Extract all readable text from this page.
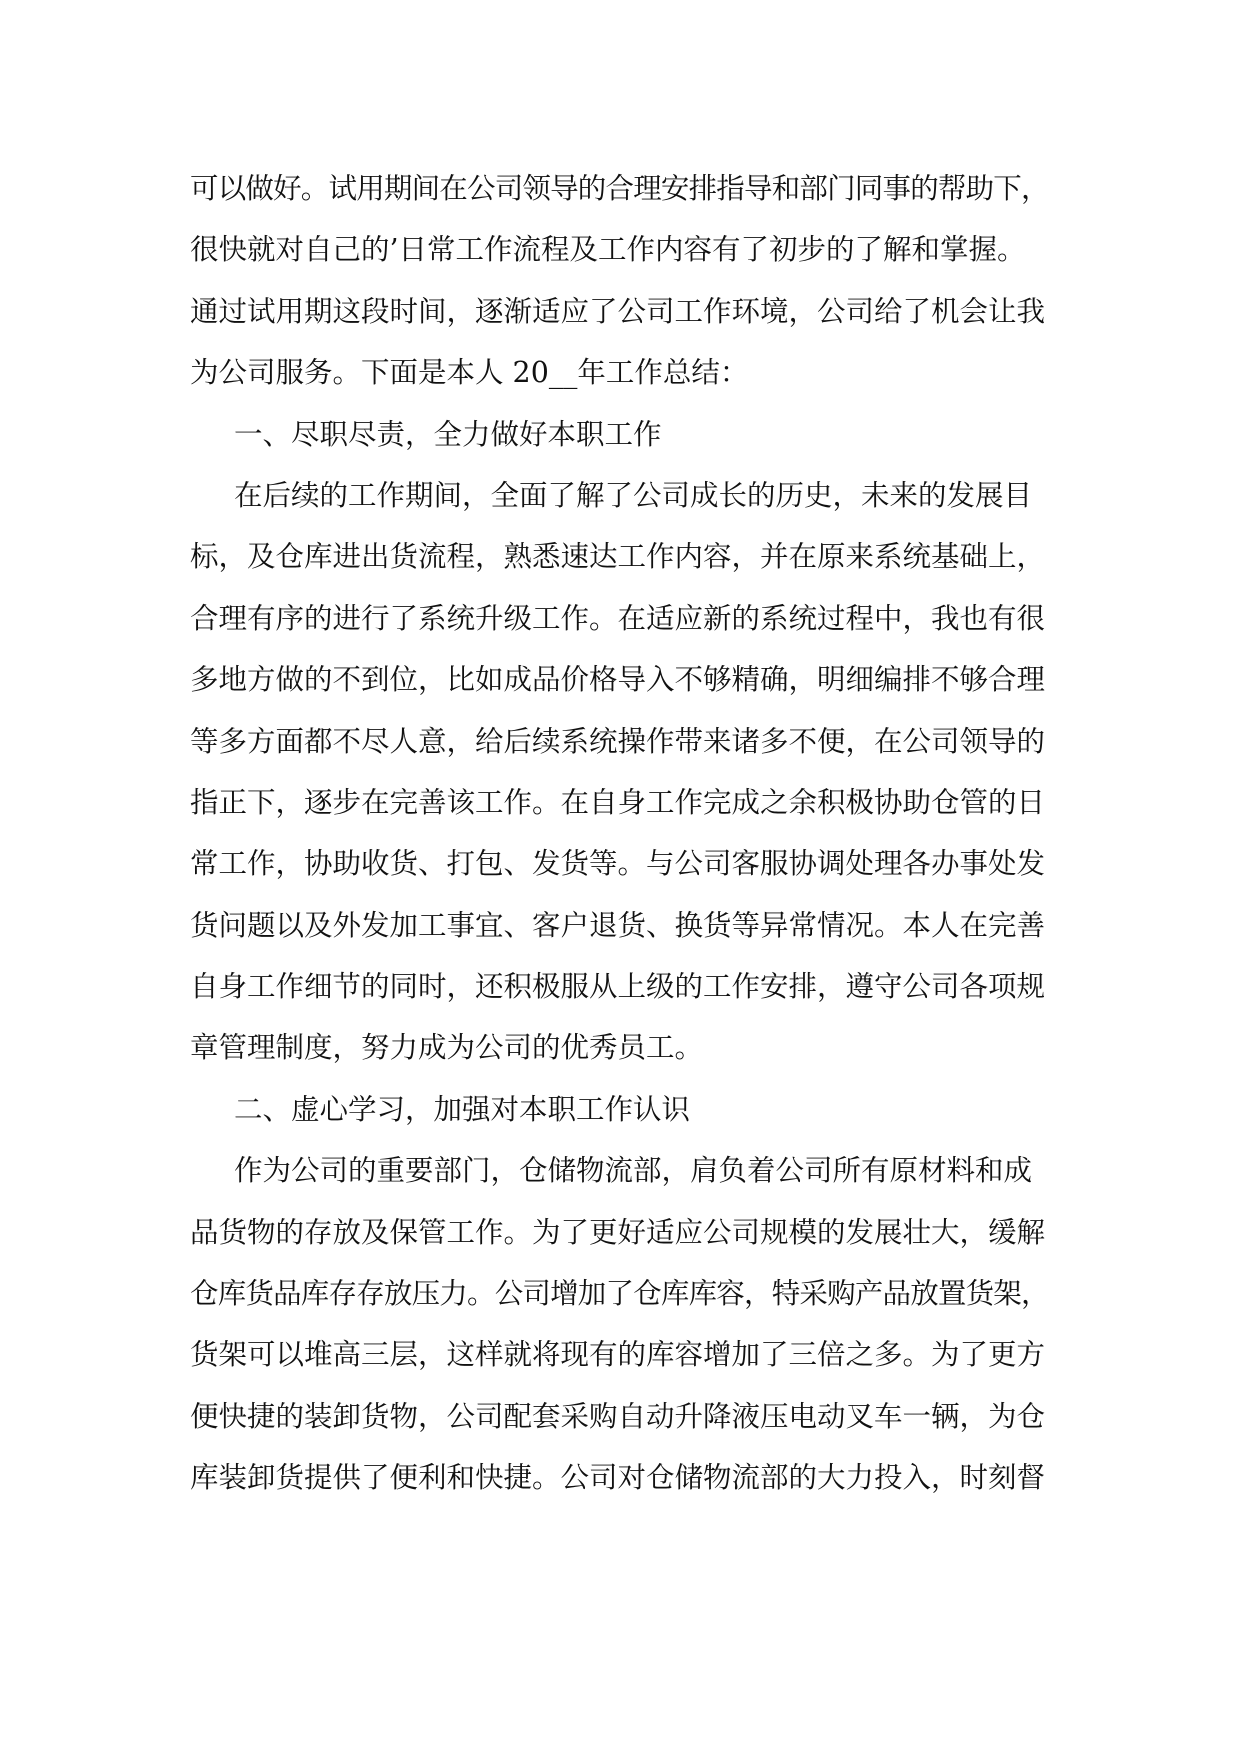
可以做好。试用期间在公司领导的合理安排指导和部门同事的帮助下，
很快就对自己的’日常工作流程及工作内容有了初步的了解和掌握。
通过试用期这段时间，逐渐适应了公司工作环境，公司给了机会让我
为公司服务。下面是本人 20__年工作总结：
一、尽职尽责，全力做好本职工作
在后续的工作期间，全面了解了公司成长的历史，未来的发展目
标，及仓库进出货流程，熟悉速达工作内容，并在原来系统基础上，
合理有序的进行了系统升级工作。在适应新的系统过程中，我也有很
多地方做的不到位，比如成品价格导入不够精确，明细编排不够合理
等多方面都不尽人意，给后续系统操作带来诸多不便，在公司领导的
指正下，逐步在完善该工作。在自身工作完成之余积极协助仓管的日
常工作，协助收货、打包、发货等。与公司客服协调处理各办事处发
货问题以及外发加工事宜、客户退货、换货等异常情况。本人在完善
自身工作细节的同时，还积极服从上级的工作安排，遵守公司各项规
章管理制度，努力成为公司的优秀员工。
二、虚心学习，加强对本职工作认识
作为公司的重要部门，仓储物流部，肩负着公司所有原材料和成
品货物的存放及保管工作。为了更好适应公司规模的发展壮大，缓解
仓库货品库存存放压力。公司增加了仓库库容，特采购产品放置货架，
货架可以堆高三层，这样就将现有的库容增加了三倍之多。为了更方
便快捷的装卸货物，公司配套采购自动升降液压电动叉车一辆，为仓
库装卸货提供了便利和快捷。公司对仓储物流部的大力投入，时刻督
